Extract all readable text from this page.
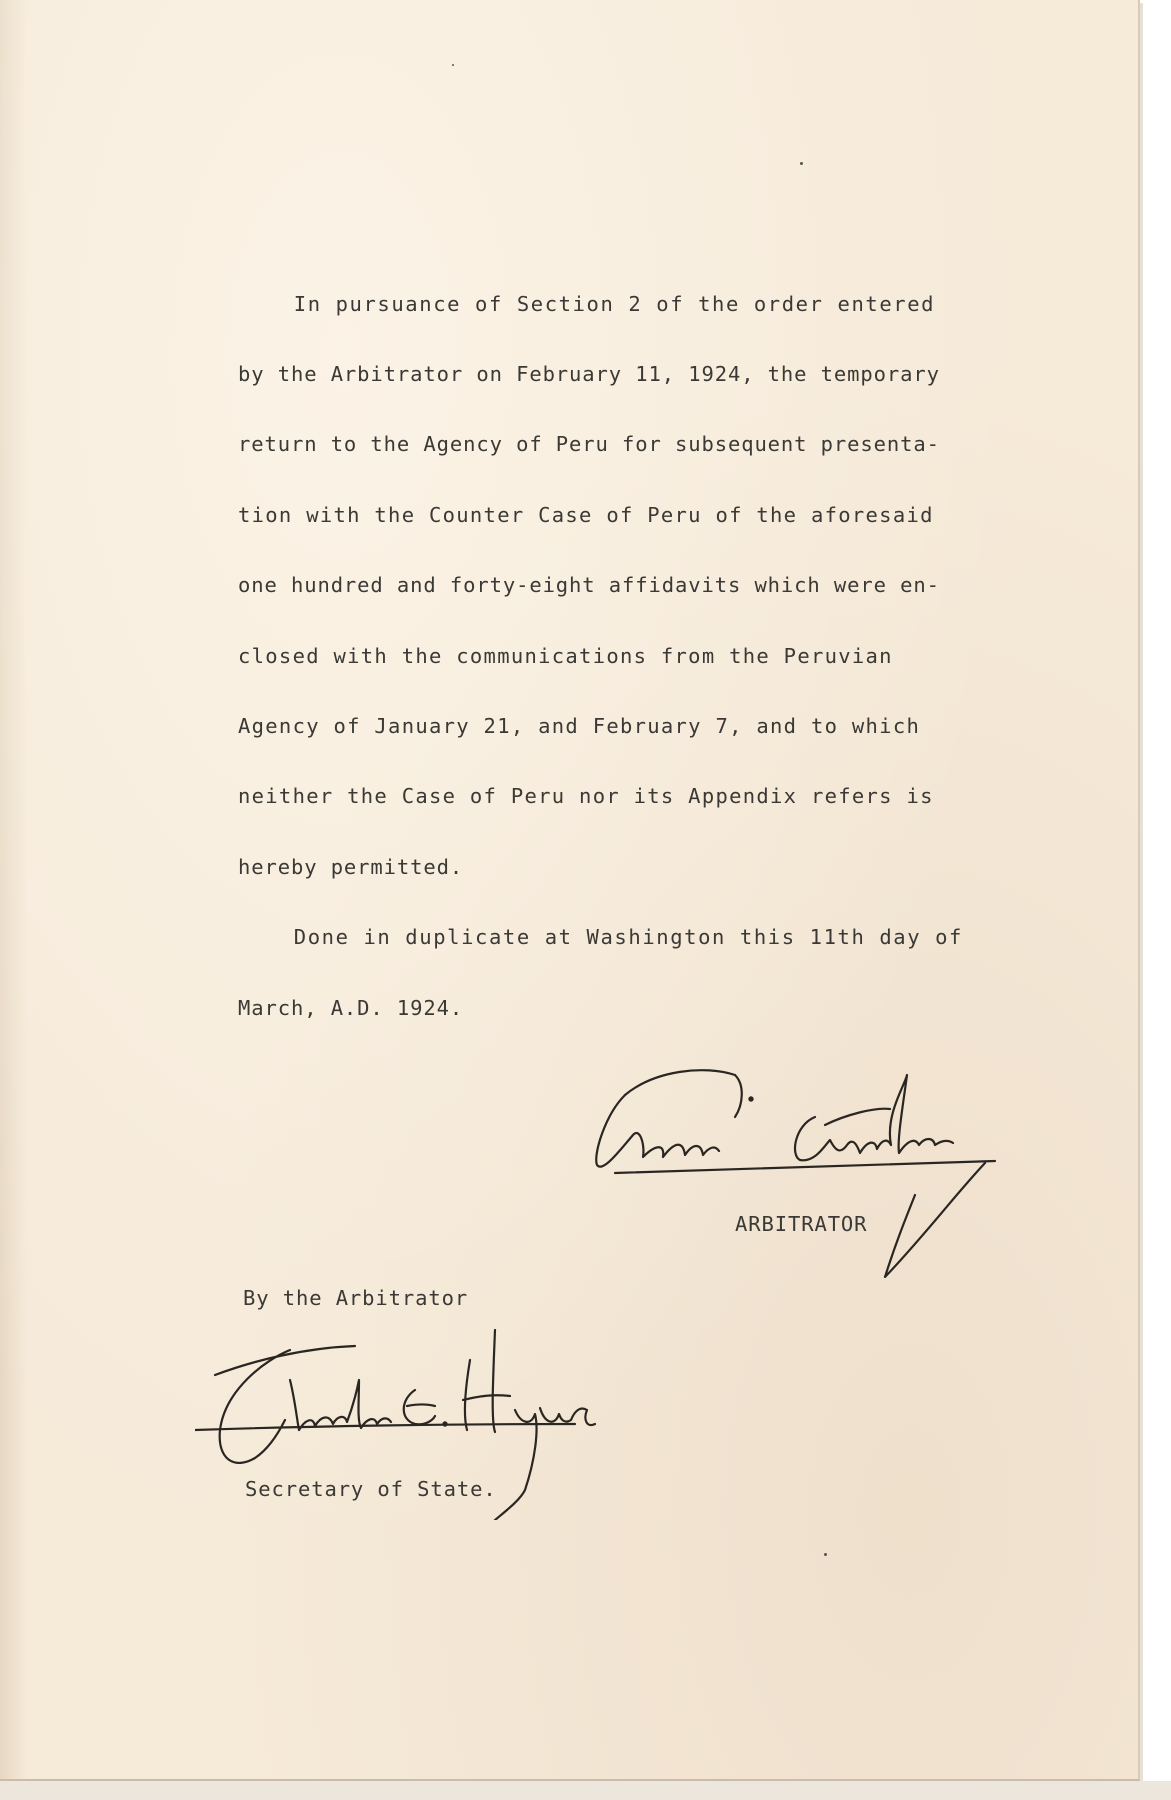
In pursuance of Section 2 of the order entered
by the Arbitrator on February 11, 1924, the temporary
return to the Agency of Peru for subsequent presenta-
tion with the Counter Case of Peru of the aforesaid
one hundred and forty-eight affidavits which were en-
closed with the communications from the Peruvian
Agency of January 21, and February 7, and to which
neither the Case of Peru nor its Appendix refers is
hereby permitted.
Done in duplicate at Washington this 11th day of
March, A.D. 1924.
ARBITRATOR
By the Arbitrator
Secretary of State.
